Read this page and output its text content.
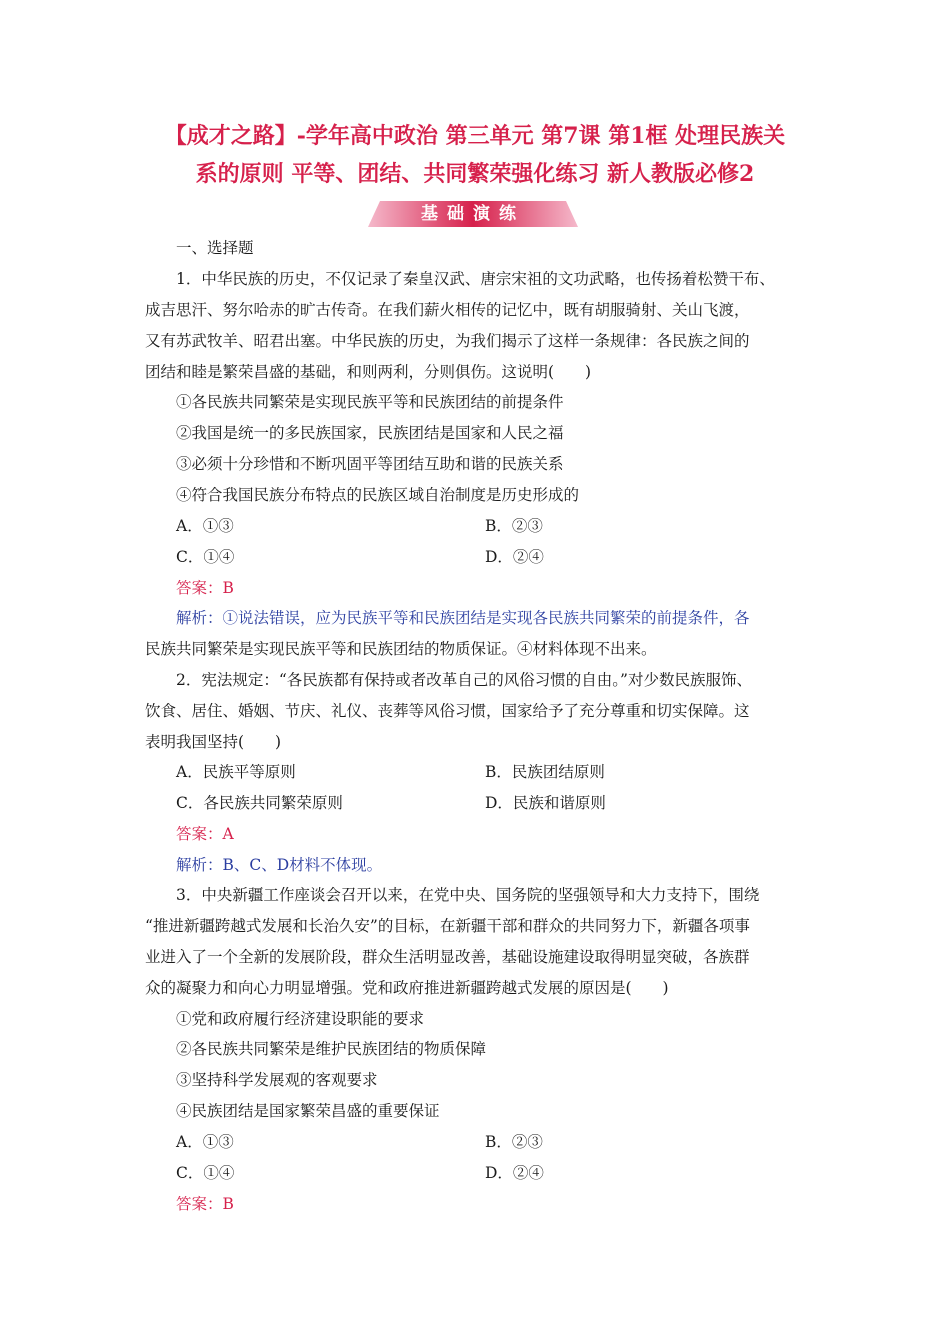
【成才之路】-学年高中政治 第三单元 第7课 第1框 处理民族关
系的原则 平等、团结、共同繁荣强化练习 新人教版必修2
基础演练
一、选择题
1．中华民族的历史，不仅记录了秦皇汉武、唐宗宋祖的文功武略，也传扬着松赞干布、
成吉思汗、努尔哈赤的旷古传奇。在我们薪火相传的记忆中，既有胡服骑射、关山飞渡，
又有苏武牧羊、昭君出塞。中华民族的历史，为我们揭示了这样一条规律：各民族之间的
团结和睦是繁荣昌盛的基础，和则两利，分则俱伤。这说明(　　)
①各民族共同繁荣是实现民族平等和民族团结的前提条件
②我国是统一的多民族国家，民族团结是国家和人民之福
③必须十分珍惜和不断巩固平等团结互助和谐的民族关系
④符合我国民族分布特点的民族区域自治制度是历史形成的
A．①③	B．②③
C．①④	D．②④
答案：B
解析：①说法错误，应为民族平等和民族团结是实现各民族共同繁荣的前提条件，各
民族共同繁荣是实现民族平等和民族团结的物质保证。④材料体现不出来。
2．宪法规定：“各民族都有保持或者改革自己的风俗习惯的自由。”对少数民族服饰、
饮食、居住、婚姻、节庆、礼仪、丧葬等风俗习惯，国家给予了充分尊重和切实保障。这
表明我国坚持(　　)
A．民族平等原则	B．民族团结原则
C．各民族共同繁荣原则	D．民族和谐原则
答案：A
解析：B、C、D材料不体现。
3．中央新疆工作座谈会召开以来，在党中央、国务院的坚强领导和大力支持下，围绕
“推进新疆跨越式发展和长治久安”的目标，在新疆干部和群众的共同努力下，新疆各项事
业进入了一个全新的发展阶段，群众生活明显改善，基础设施建设取得明显突破，各族群
众的凝聚力和向心力明显增强。党和政府推进新疆跨越式发展的原因是(　　)
①党和政府履行经济建设职能的要求
②各民族共同繁荣是维护民族团结的物质保障
③坚持科学发展观的客观要求
④民族团结是国家繁荣昌盛的重要保证
A．①③	B．②③
C．①④	D．②④
答案：B
